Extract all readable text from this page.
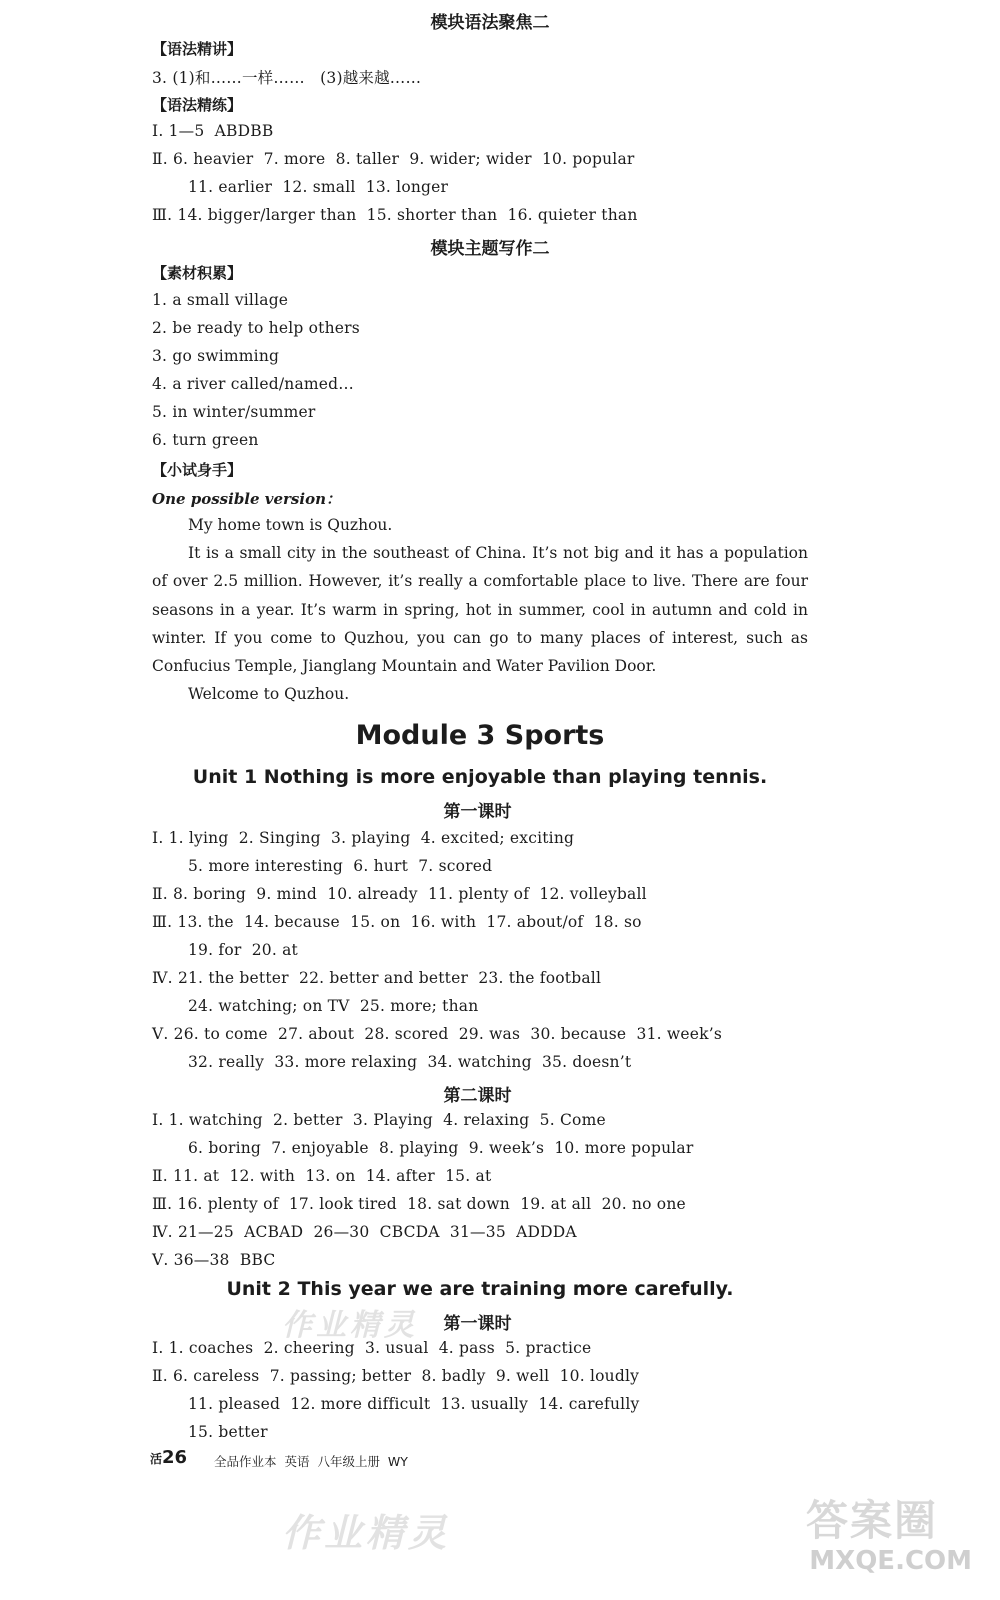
模块语法聚焦二
【语法精讲】
3. (1)和……一样……   (3)越来越……
【语法精练】
Ⅰ. 1—5  ABDBB
Ⅱ. 6. heavier  7. more  8. taller  9. wider; wider  10. popular
11. earlier  12. small  13. longer
Ⅲ. 14. bigger/larger than  15. shorter than  16. quieter than
模块主题写作二
【素材积累】
1. a small village
2. be ready to help others
3. go swimming
4. a river called/named…
5. in winter/summer
6. turn green
【小试身手】
One possible version：

My home town is Quzhou.

It is a small city in the southeast of China. It’s not big and it has a population of over 2.5 million. However, it’s really a comfortable place to live. There are four seasons in a year. It’s warm in spring, hot in summer, cool in autumn and cold in winter. If you come to Quzhou, you can go to many places of interest, such as Confucius Temple, Jianglang Mountain and Water Pavilion Door.

Welcome to Quzhou.

Module 3 Sports
Unit 1 Nothing is more enjoyable than playing tennis.
第一课时
Ⅰ. 1. lying  2. Singing  3. playing  4. excited; exciting
5. more interesting  6. hurt  7. scored
Ⅱ. 8. boring  9. mind  10. already  11. plenty of  12. volleyball
Ⅲ. 13. the  14. because  15. on  16. with  17. about/of  18. so
19. for  20. at
Ⅳ. 21. the better  22. better and better  23. the football
24. watching; on TV  25. more; than
Ⅴ. 26. to come  27. about  28. scored  29. was  30. because  31. week’s
32. really  33. more relaxing  34. watching  35. doesn’t
第二课时
Ⅰ. 1. watching  2. better  3. Playing  4. relaxing  5. Come
6. boring  7. enjoyable  8. playing  9. week’s  10. more popular
Ⅱ. 11. at  12. with  13. on  14. after  15. at
Ⅲ. 16. plenty of  17. look tired  18. sat down  19. at all  20. no one
Ⅳ. 21—25  ACBAD  26—30  CBCDA  31—35  ADDDA
Ⅴ. 36—38  BBC
Unit 2 This year we are training more carefully.
作业精灵	第一课时
Ⅰ. 1. coaches  2. cheering  3. usual  4. pass  5. practice
Ⅱ. 6. careless  7. passing; better  8. badly  9. well  10. loudly
11. pleased  12. more difficult  13. usually  14. carefully
15. better
活26 全品作业本 英语 八年级上册 WY
作业精灵	答案圈
MXQE.COM
